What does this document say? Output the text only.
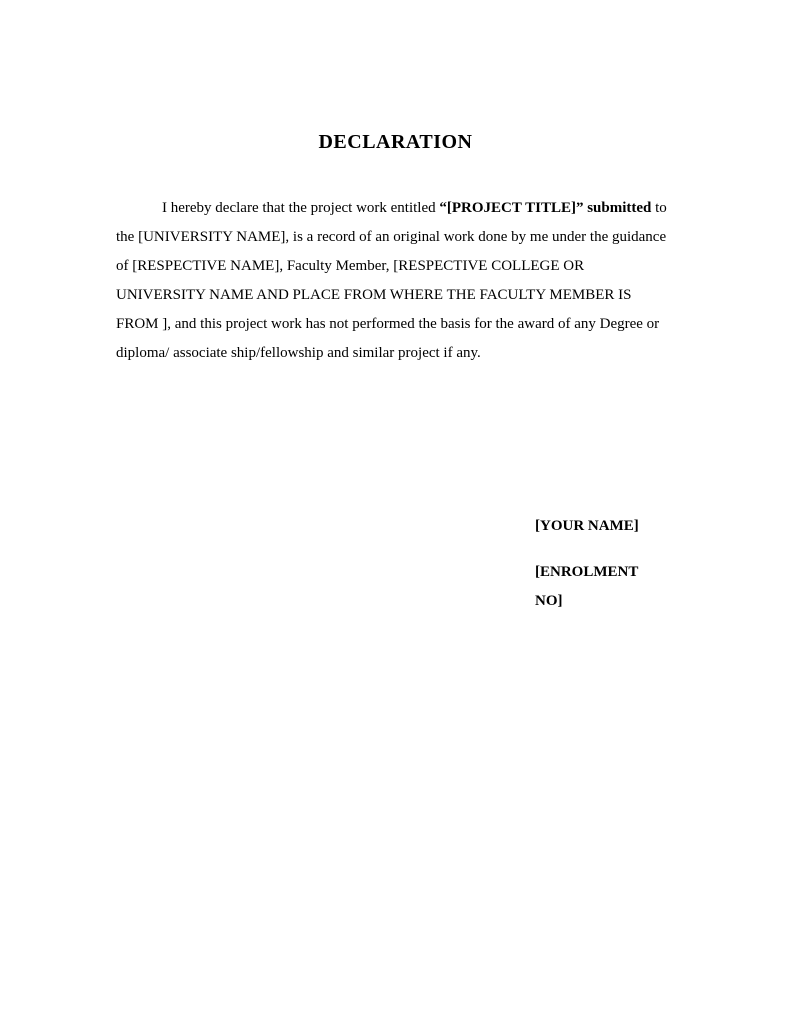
DECLARATION
I hereby declare that the project work entitled “[PROJECT TITLE]” submitted to the [UNIVERSITY NAME], is a record of an original work done by me under the guidance of [RESPECTIVE NAME], Faculty Member, [RESPECTIVE COLLEGE OR UNIVERSITY NAME AND PLACE FROM WHERE THE FACULTY MEMBER IS FROM ], and this project work has not performed the basis for the award of any Degree or diploma/ associate ship/fellowship and similar project if any.
[YOUR NAME]
[ENROLMENT
NO]
